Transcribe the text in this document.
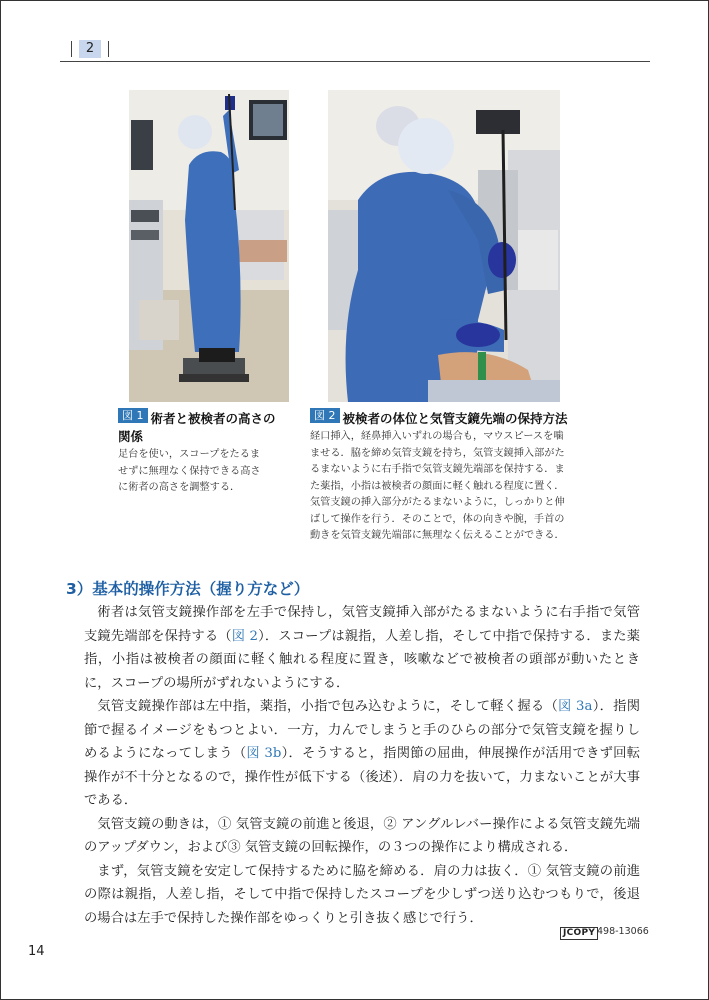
2
図 1 術者と被検者の高さの
関係
足台を使い，スコープをたるま
せずに無理なく保持できる高さ
に術者の高さを調整する．
図 2 被検者の体位と気管支鏡先端の保持方法
経口挿入，経鼻挿入いずれの場合も，マウスピースを噛
ませる．脇を締め気管支鏡を持ち，気管支鏡挿入部がた
るまないように右手指で気管支鏡先端部を保持する．ま
た薬指，小指は被検者の顔面に軽く触れる程度に置く．
気管支鏡の挿入部分がたるまないように，しっかりと伸
ばして操作を行う．そのことで，体の向きや腕，手首の
動きを気管支鏡先端部に無理なく伝えることができる．
3）基本的操作方法（握り方など）

術者は気管支鏡操作部を左手で保持し，気管支鏡挿入部がたるまないように右手指で気管支鏡先端部を保持する（図 2）．スコープは親指，人差し指，そして中指で保持する．また薬指，小指は被検者の顔面に軽く触れる程度に置き，咳嗽などで被検者の頭部が動いたときに，スコープの場所がずれないようにする．

気管支鏡操作部は左中指，薬指，小指で包み込むように，そして軽く握る（図 3a）．指関節で握るイメージをもつとよい．一方，力んでしまうと手のひらの部分で気管支鏡を握りしめるようになってしまう（図 3b）．そうすると，指関節の屈曲，伸展操作が活用できず回転操作が不十分となるので，操作性が低下する（後述）．肩の力を抜いて，力まないことが大事である．

気管支鏡の動きは，① 気管支鏡の前進と後退，② アングルレバー操作による気管支鏡先端のアップダウン，および③ 気管支鏡の回転操作，の３つの操作により構成される．

まず，気管支鏡を安定して保持するために脇を締める．肩の力は抜く．① 気管支鏡の前進の際は親指，人差し指，そして中指で保持したスコープを少しずつ送り込むつもりで，後退の場合は左手で保持した操作部をゆっくりと引き抜く感じで行う．

JCOPY 498-13066
14
